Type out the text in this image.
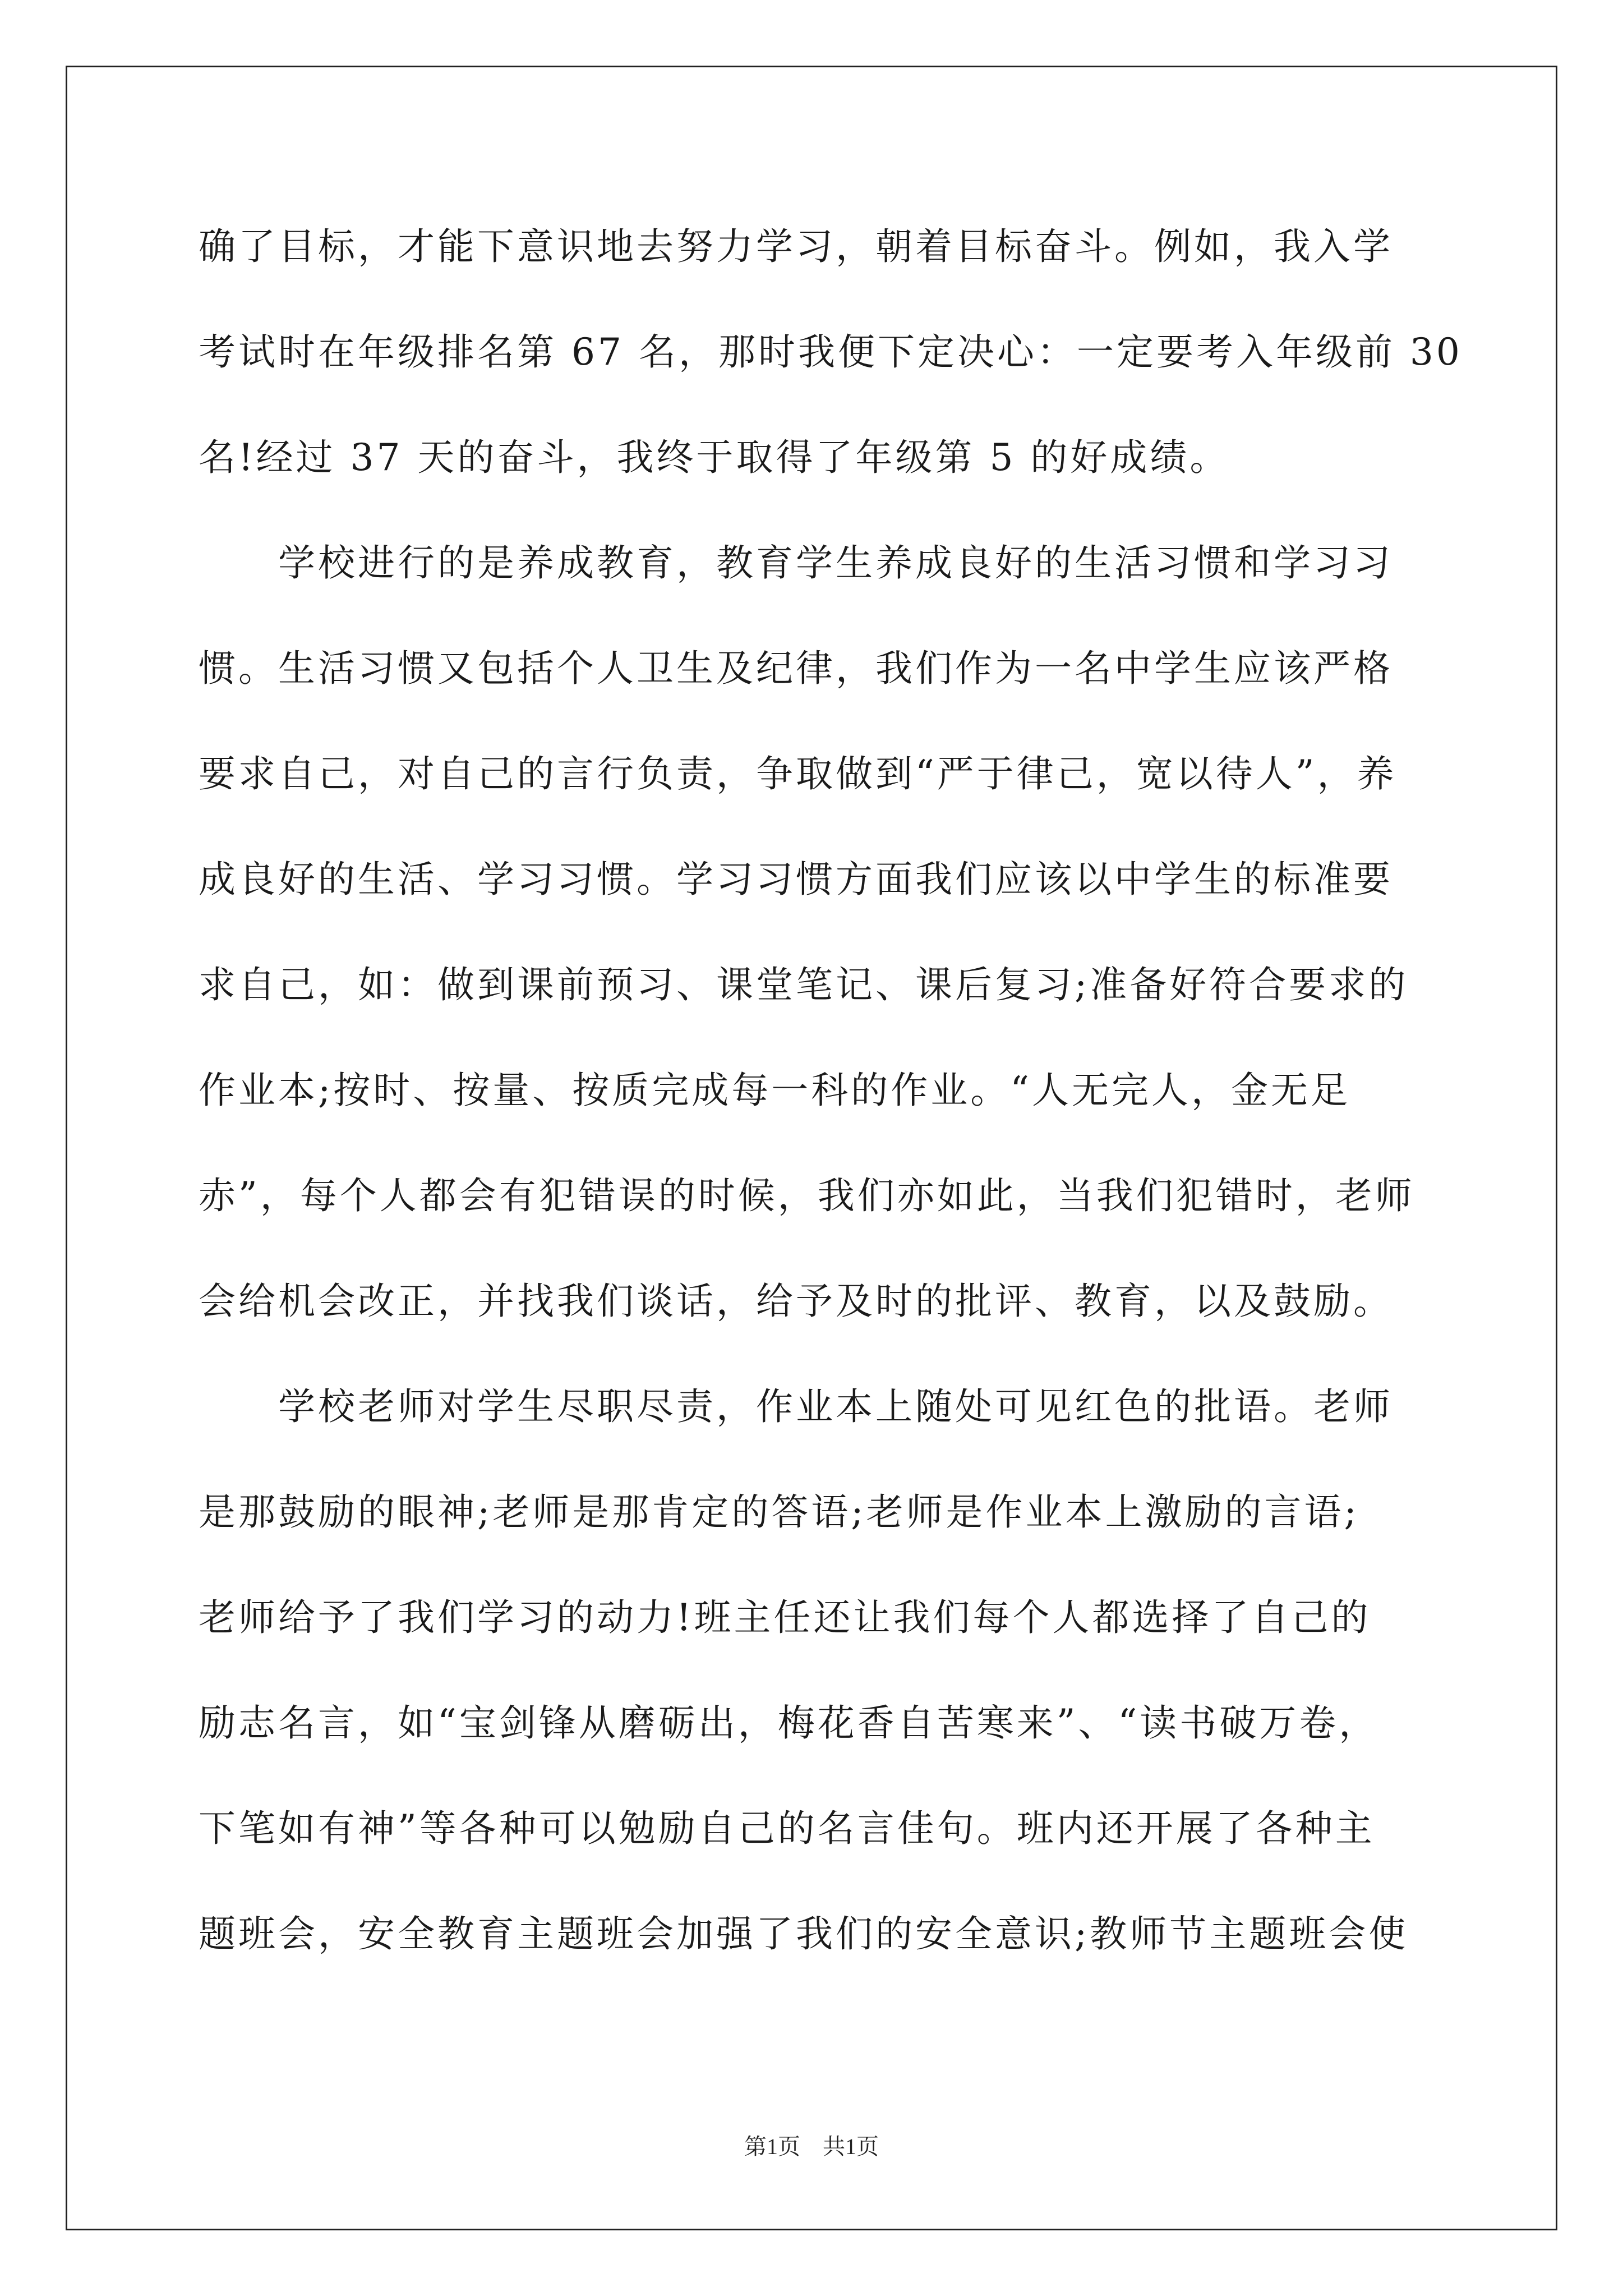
确了目标，才能下意识地去努力学习，朝着目标奋斗。例如，我入学
考试时在年级排名第 67 名，那时我便下定决心：一定要考入年级前 30
名!经过 37 天的奋斗，我终于取得了年级第 5 的好成绩。
　　学校进行的是养成教育，教育学生养成良好的生活习惯和学习习
惯。生活习惯又包括个人卫生及纪律，我们作为一名中学生应该严格
要求自己，对自己的言行负责，争取做到“严于律己，宽以待人”，养
成良好的生活、学习习惯。学习习惯方面我们应该以中学生的标准要
求自己，如：做到课前预习、课堂笔记、课后复习;准备好符合要求的
作业本;按时、按量、按质完成每一科的作业。“人无完人，金无足
赤”，每个人都会有犯错误的时候，我们亦如此，当我们犯错时，老师
会给机会改正，并找我们谈话，给予及时的批评、教育，以及鼓励。
　　学校老师对学生尽职尽责，作业本上随处可见红色的批语。老师
是那鼓励的眼神;老师是那肯定的答语;老师是作业本上激励的言语;
老师给予了我们学习的动力!班主任还让我们每个人都选择了自己的
励志名言，如“宝剑锋从磨砺出，梅花香自苦寒来”、“读书破万卷，
下笔如有神”等各种可以勉励自己的名言佳句。班内还开展了各种主
题班会，安全教育主题班会加强了我们的安全意识;教师节主题班会使
第1页　共1页
